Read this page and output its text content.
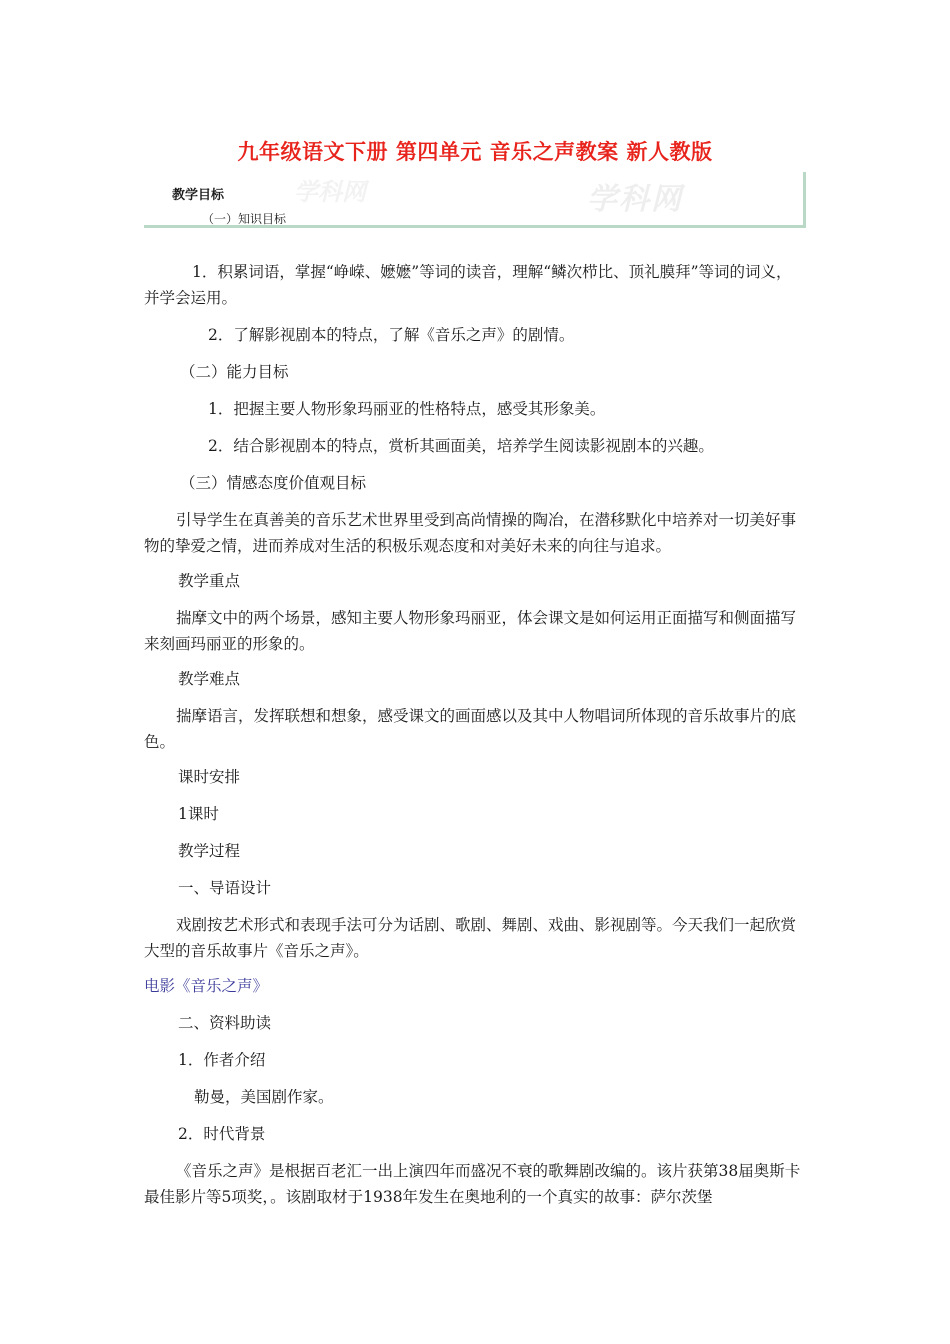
九年级语文下册 第四单元 音乐之声教案 新人教版
学科网	学科网
教学目标
（一）知识目标

1．积累词语，掌握“峥嵘、嬷嬷”等词的读音，理解“鳞次栉比、顶礼膜拜”等词的词义，并学会运用。

2．了解影视剧本的特点，了解《音乐之声》的剧情。

（二）能力目标

1．把握主要人物形象玛丽亚的性格特点，感受其形象美。

2．结合影视剧本的特点，赏析其画面美，培养学生阅读影视剧本的兴趣。

（三）情感态度价值观目标

引导学生在真善美的音乐艺术世界里受到高尚情操的陶冶，在潜移默化中培养对一切美好事物的挚爱之情，进而养成对生活的积极乐观态度和对美好未来的向往与追求。

教学重点

揣摩文中的两个场景，感知主要人物形象玛丽亚，体会课文是如何运用正面描写和侧面描写来刻画玛丽亚的形象的。

教学难点

揣摩语言，发挥联想和想象，感受课文的画面感以及其中人物唱词所体现的音乐故事片的底色。

课时安排

1课时

教学过程

一、导语设计

戏剧按艺术形式和表现手法可分为话剧、歌剧、舞剧、戏曲、影视剧等。今天我们一起欣赏大型的音乐故事片《音乐之声》。

电影《音乐之声》

二、资料助读

1．作者介绍

勒曼，美国剧作家。

2．时代背景

《音乐之声》是根据百老汇一出上演四年而盛况不衰的歌舞剧改编的。该片获第38届奥斯卡最佳影片等5项奖，。该剧取材于1938年发生在奥地利的一个真实的故事：萨尔茨堡
